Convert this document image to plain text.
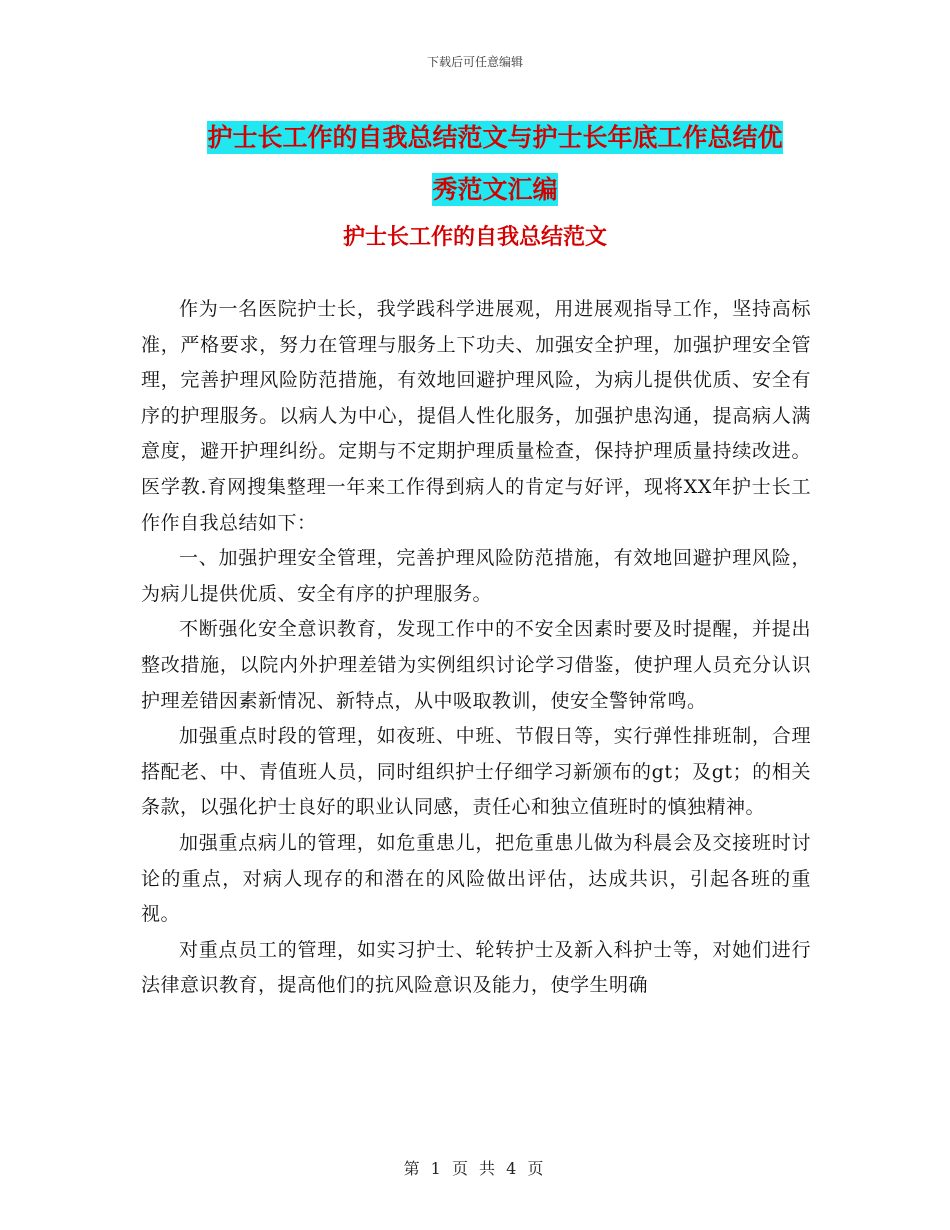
下载后可任意编辑
护士长工作的自我总结范文与护士长年底工作总结优
秀范文汇编
护士长工作的自我总结范文

作为一名医院护士长，我学践科学进展观，用进展观指导工作，坚持高标准，严格要求，努力在管理与服务上下功夫、加强安全护理，加强护理安全管理，完善护理风险防范措施，有效地回避护理风险，为病儿提供优质、安全有序的护理服务。以病人为中心，提倡人性化服务，加强护患沟通，提高病人满意度，避开护理纠纷。定期与不定期护理质量检查，保持护理质量持续改进。医学教.育网搜集整理一年来工作得到病人的肯定与好评，现将XX年护士长工作作自我总结如下：

一、加强护理安全管理，完善护理风险防范措施，有效地回避护理风险，为病儿提供优质、安全有序的护理服务。

不断强化安全意识教育，发现工作中的不安全因素时要及时提醒，并提出整改措施，以院内外护理差错为实例组织讨论学习借鉴，使护理人员充分认识护理差错因素新情况、新特点，从中吸取教训，使安全警钟常鸣。

加强重点时段的管理，如夜班、中班、节假日等，实行弹性排班制，合理搭配老、中、青值班人员，同时组织护士仔细学习新颁布的gt；及gt；的相关条款，以强化护士良好的职业认同感，责任心和独立值班时的慎独精神。

加强重点病儿的管理，如危重患儿，把危重患儿做为科晨会及交接班时讨论的重点，对病人现存的和潜在的风险做出评估，达成共识，引起各班的重视。

对重点员工的管理，如实习护士、轮转护士及新入科护士等，对她们进行法律意识教育，提高他们的抗风险意识及能力，使学生明确

第 1 页 共 4 页
